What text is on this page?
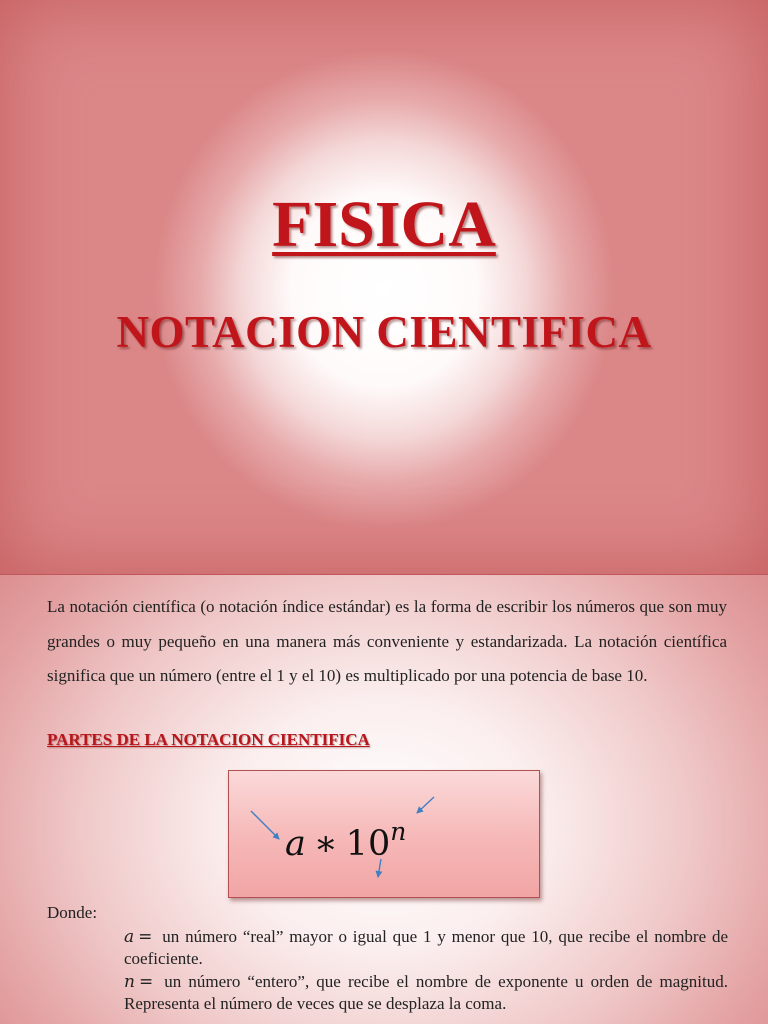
FISICA
NOTACION CIENTIFICA

La notación científica (o notación índice estándar) es la forma de escribir los números que son muy grandes o muy pequeño en una manera más conveniente y estandarizada. La notación científica significa que un número (entre el 1 y el 10) es multiplicado por una potencia de base 10.

PARTES DE LA NOTACION CIENTIFICA

a ∗ 10$^n$

Donde:

a = un número “real” mayor o igual que 1 y menor que 10, que recibe el nombre de coeficiente.

n = un número “entero”, que recibe el nombre de exponente u orden de magnitud. Representa el número de veces que se desplaza la coma.
